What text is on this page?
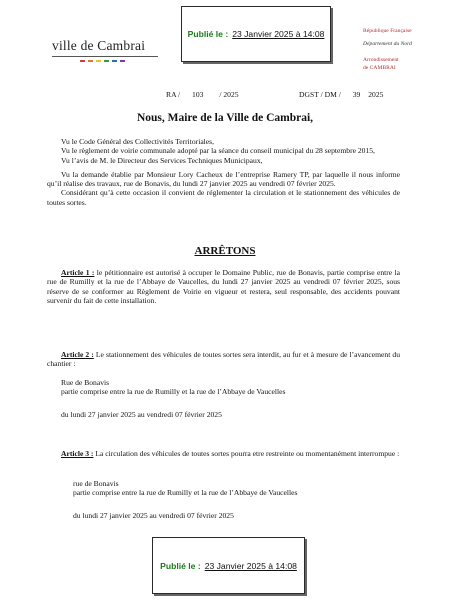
Publié le : 23 Janvier 2025 à 14:08
ville de Cambrai
République Française
Département du Nord
Arrondissement
de CAMBRAI
RA / 103 / 2025	DGST / DM / 39 2025
Nous, Maire de la Ville de Cambrai,
Vu le Code Général des Collectivités Territoriales,
Vu le règlement de voirie communale adopté par la séance du conseil municipal du 28 septembre 2015,
Vu l’avis de M. le Directeur des Services Techniques Municipaux,
Vu la demande établie par Monsieur Lory Cacheux de l’entreprise Ramery TP, par laquelle il nous informe qu’il réalise des travaux, rue de Bonavis, du lundi 27 janvier 2025 au vendredi 07 février 2025.
Considérant qu’à cette occasion il convient de réglementer la circulation et le stationnement des véhicules de toutes sortes.
ARRÊTONS
Article 1 : le pétitionnaire est autorisé à occuper le Domaine Public, rue de Bonavis, partie comprise entre la rue de Rumilly et la rue de l’Abbaye de Vaucelles, du lundi 27 janvier 2025 au vendredi 07 février 2025, sous réserve de se conformer au Règlement de Voirie en vigueur et restera, seul responsable, des accidents pouvant survenir du fait de cette installation.
Article 2 : Le stationnement des véhicules de toutes sortes sera interdit, au fur et à mesure de l’avancement du chantier :
Rue de Bonavis
partie comprise entre la rue de Rumilly et la rue de l’Abbaye de Vaucelles
du lundi 27 janvier 2025 au vendredi 07 février 2025
Article 3 : La circulation des véhicules de toutes sortes pourra etre restreinte ou momentanément interrompue :
rue de Bonavis
partie comprise entre la rue de Rumilly et la rue de l’Abbaye de Vaucelles
du lundi 27 janvier 2025 au vendredi 07 février 2025
Publié le : 23 Janvier 2025 à 14:08
